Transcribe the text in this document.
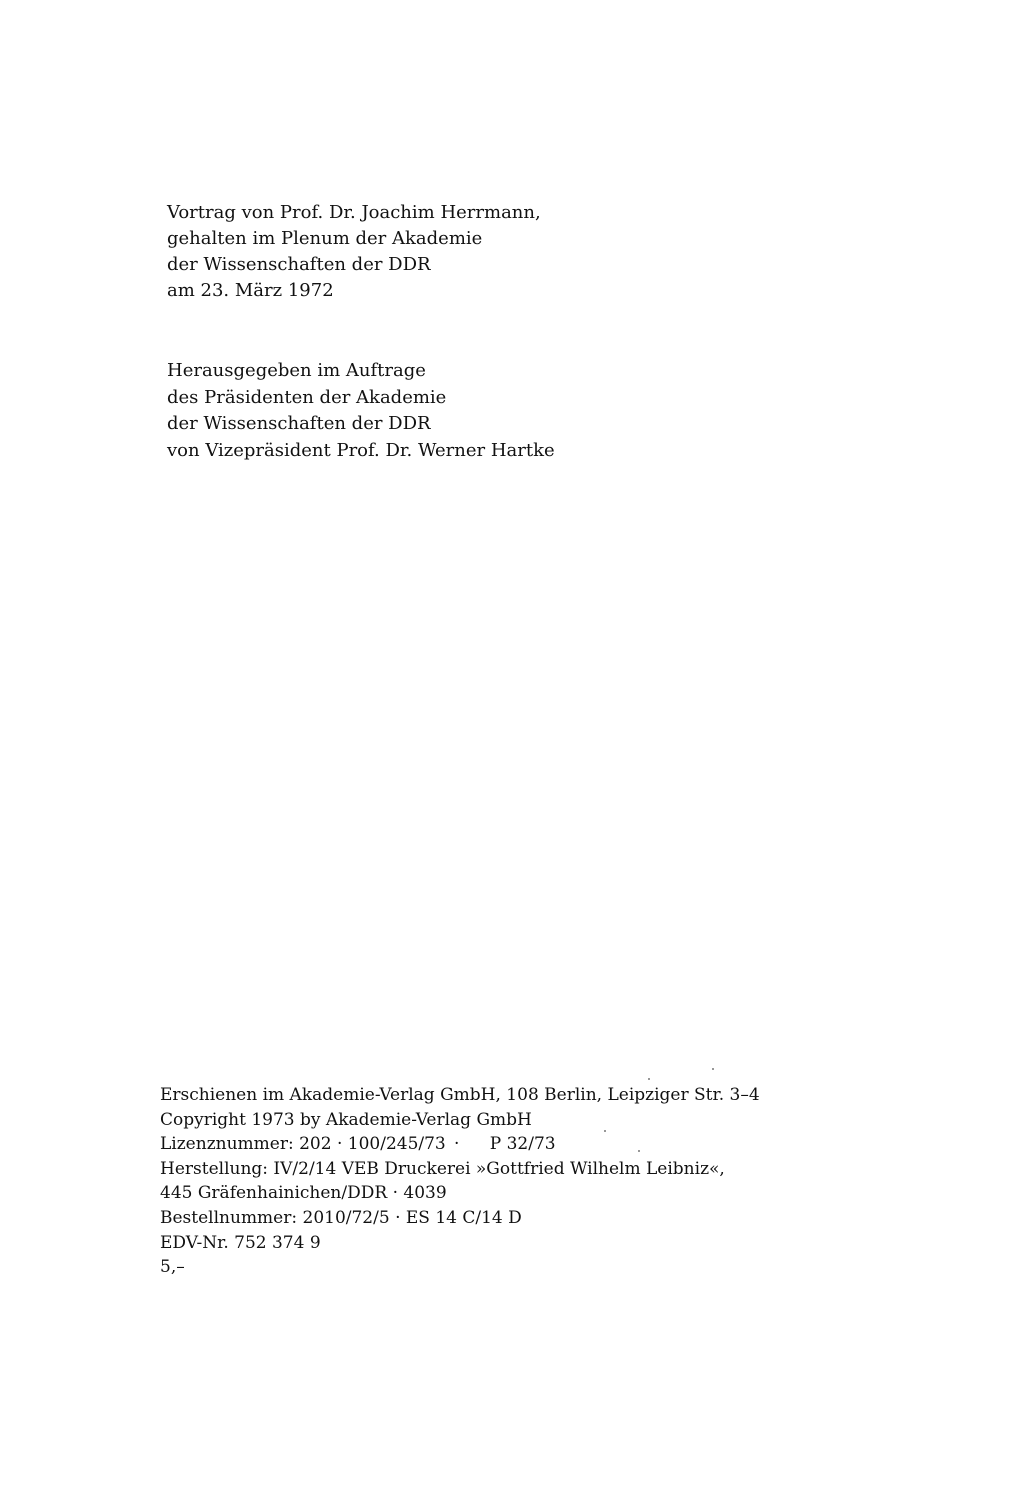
Vortrag von Prof. Dr. Joachim Herrmann,
gehalten im Plenum der Akademie
der Wissenschaften der DDR
am 23. März 1972
Herausgegeben im Auftrage
des Präsidenten der Akademie
der Wissenschaften der DDR
von Vizepräsident Prof. Dr. Werner Hartke
Erschienen im Akademie-Verlag GmbH, 108 Berlin, Leipziger Str. 3–4
Copyright 1973 by Akademie-Verlag GmbH
Lizenznummer: 202 · 100/245/73 · P 32/73
Herstellung: IV/2/14 VEB Druckerei »Gottfried Wilhelm Leibniz«,
445 Gräfenhainichen/DDR · 4039
Bestellnummer: 2010/72/5 · ES 14 C/14 D
EDV-Nr. 752 374 9
5,–
